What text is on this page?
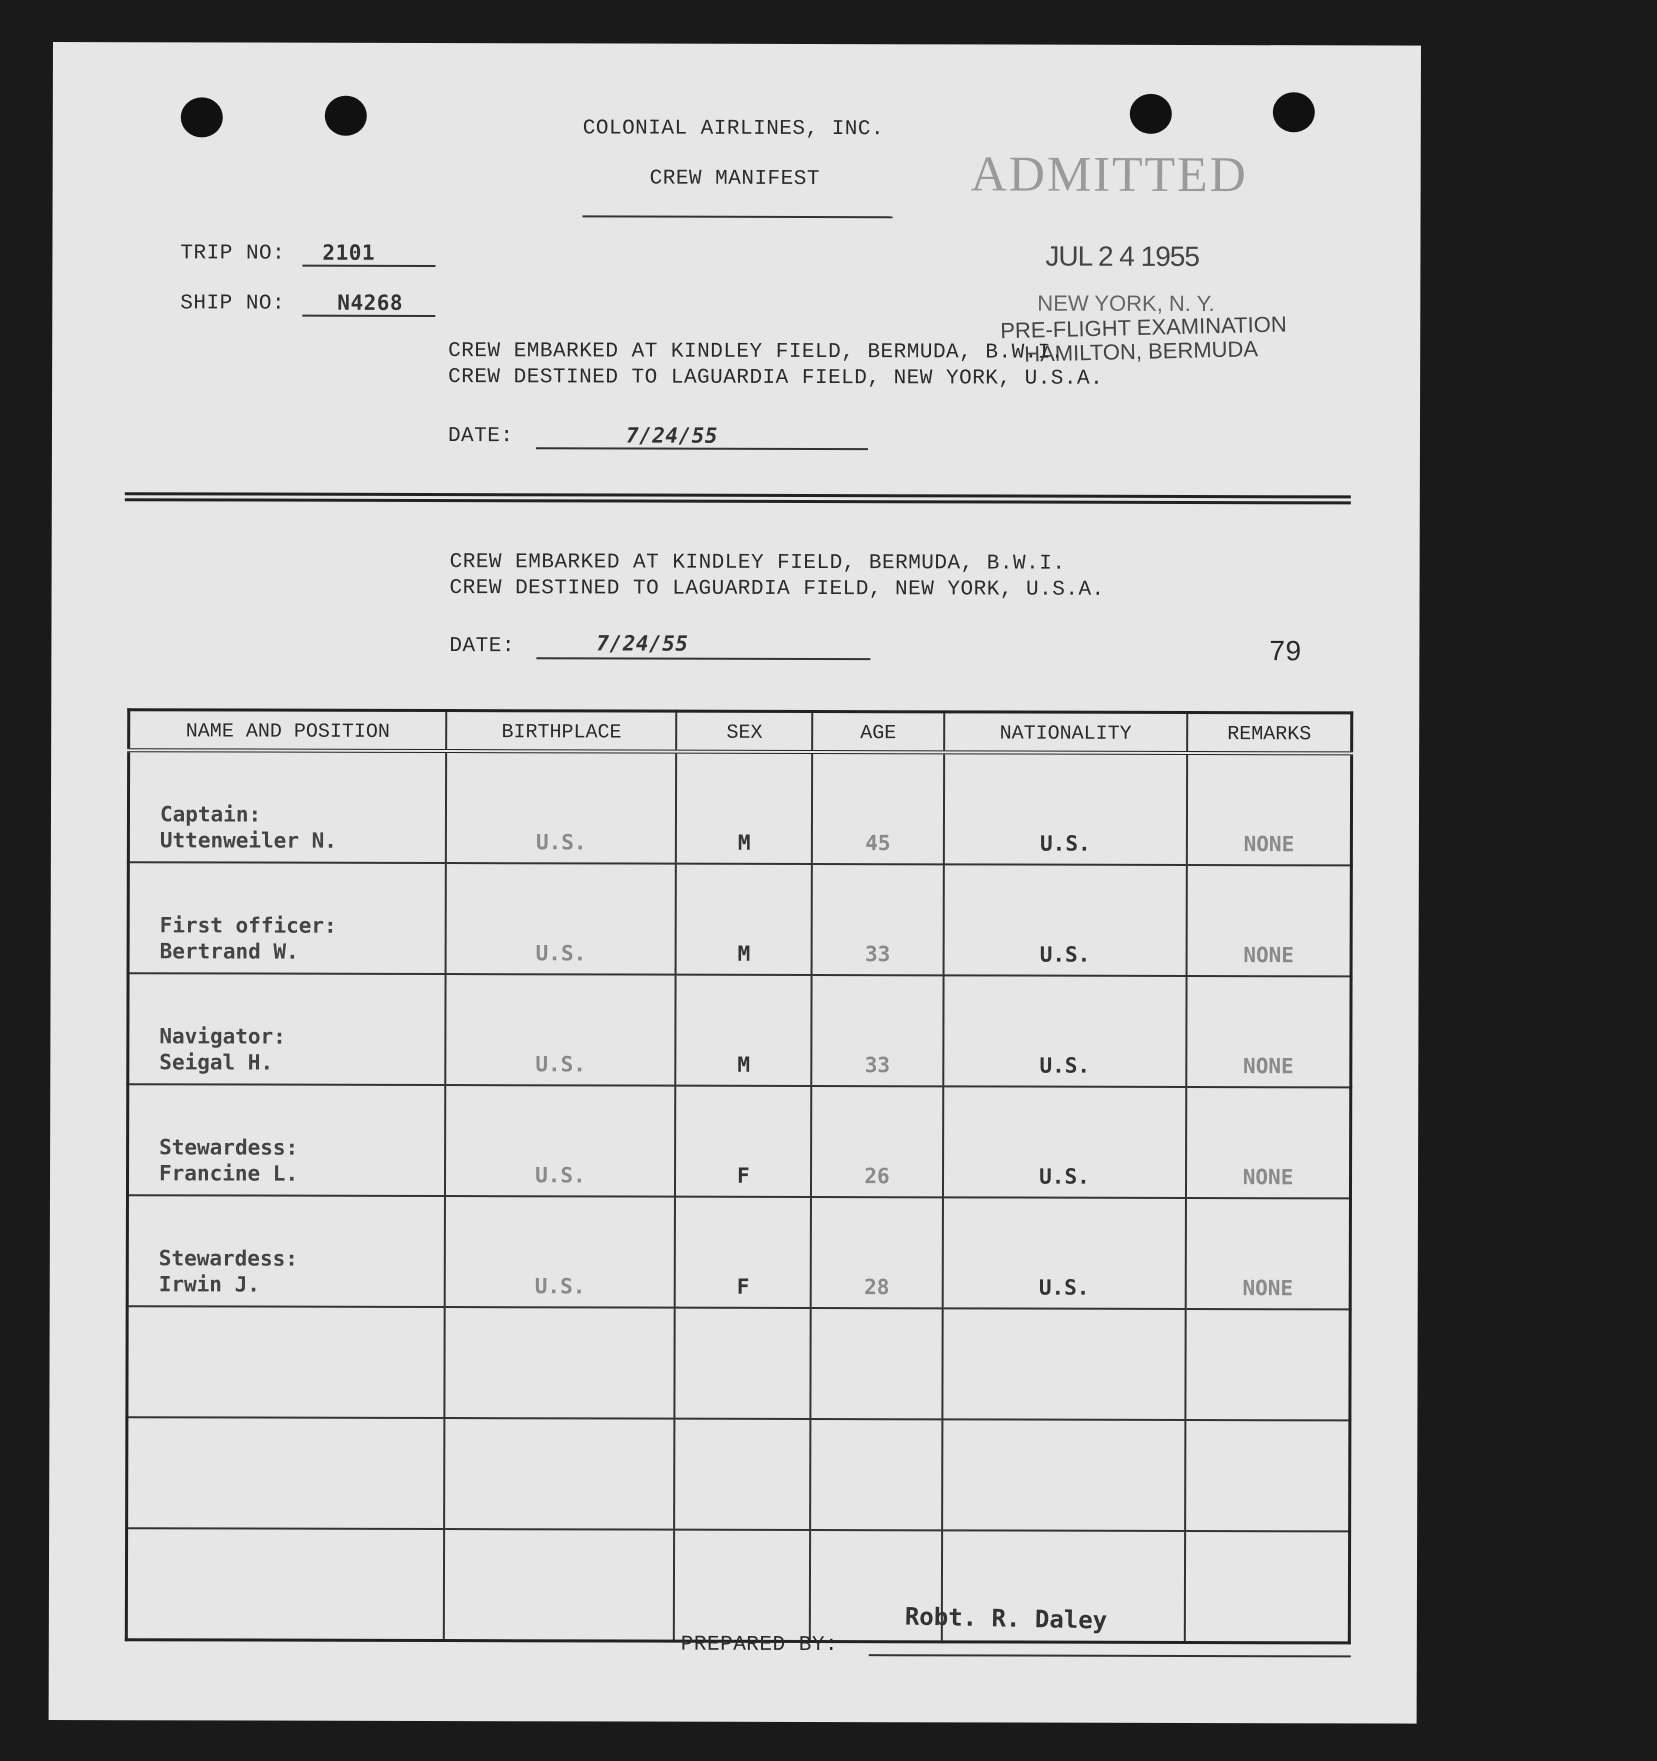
COLONIAL AIRLINES, INC.
CREW MANIFEST	ADMITTED
JUL 2 4 1955
NEW YORK, N. Y.
PRE-FLIGHT EXAMINATION
HAMILTON, BERMUDA
TRIP NO: 2101
SHIP NO: N4268
CREW EMBARKED AT KINDLEY FIELD, BERMUDA, B.W.I.
CREW DESTINED TO LAGUARDIA FIELD, NEW YORK, U.S.A.
DATE:	7/24/55
CREW EMBARKED AT KINDLEY FIELD, BERMUDA, B.W.I.
CREW DESTINED TO LAGUARDIA FIELD, NEW YORK, U.S.A.
DATE:	7/24/55	79
NAME AND POSITION	BIRTHPLACE	SEX	AGE	NATIONALITY	REMARKS

Captain:
Uttenweiler N.	U.S.	M	45	U.S.	NONE

First officer:
Bertrand W.	U.S.	M	33	U.S.	NONE

Navigator:
Seigal H.	U.S.	M	33	U.S.	NONE

Stewardess:
Francine L.	U.S.	F	26	U.S.	NONE

Stewardess:
Irwin J.	U.S.	F	28	U.S.	NONE

PREPARED BY:
Robt. R. Daley
